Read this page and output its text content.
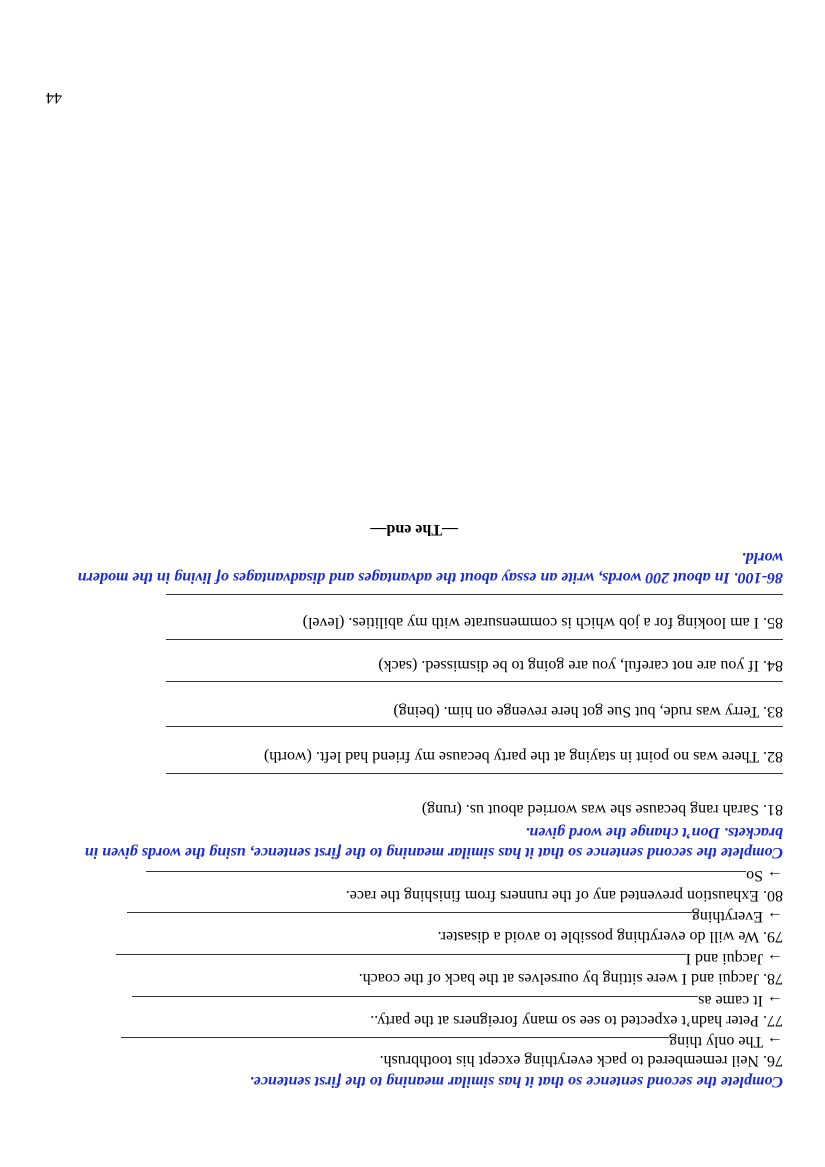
Complete the second sentence so that it has similar meaning to the first sentence.
76. Neil remembered to pack everything except his toothbrush.
→ The only thing
77. Peter hadn’t expected to see so many foreigners at the party..
→ It came as
78. Jacqui and I were sitting by ourselves at the back of the coach.
→ Jacqui and I
79. We will do everything possible to avoid a disaster.
→ Everything
80. Exhaustion prevented any of the runners from finishing the race.
→ So
Complete the second sentence so that it has similar meaning to the first sentence, using the words given in
brackets. Don’t change the word given.
81. Sarah rang because she was worried about us. (rung)
82. There was no point in staying at the party because my friend had left. (worth)
83. Terry was rude, but Sue got here revenge on him. (being)
84. If you are not careful, you are going to be dismissed. (sack)
85. I am looking for a job which is commensurate with my abilities. (level)
86-100. In about 200 words, write an essay about the advantages and disadvantages of living in the modern
world.
—The end—
44
